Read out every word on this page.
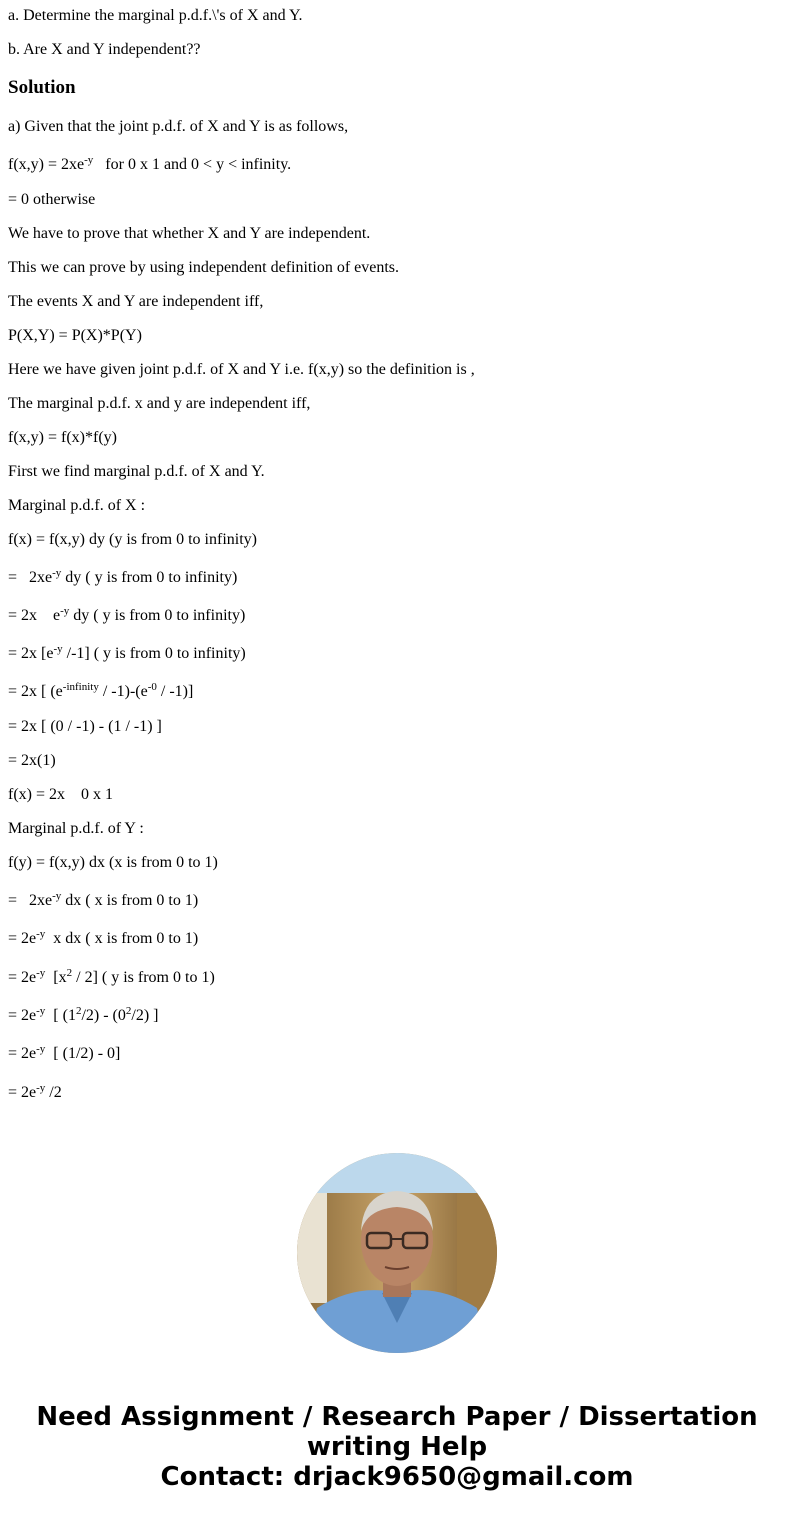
a. Determine the marginal p.d.f.\'s of X and Y.
b. Are X and Y independent??
Solution
a) Given that the joint p.d.f. of X and Y is as follows,
$f(x,y) = 2xe^{-y}$   for 0 x 1 and 0 < y < infinity.
= 0 otherwise
We have to prove that whether X and Y are independent.
This we can prove by using independent definition of events.
The events X and Y are independent iff,
P(X,Y) = P(X)*P(Y)
Here we have given joint p.d.f. of X and Y i.e. f(x,y) so the definition is ,
The marginal p.d.f. x and y are independent iff,
f(x,y) = f(x)*f(y)
First we find marginal p.d.f. of X and Y.
Marginal p.d.f. of X :
f(x) = f(x,y) dy (y is from 0 to infinity)
=   $2xe^{-y}$ dy ( y is from 0 to infinity)
= 2x    $e^{-y}$ dy ( y is from 0 to infinity)
= 2x [$e^{-y}$ /-1] ( y is from 0 to infinity)
= 2x [ $(e^{-infinity} / -1)-(e^{-0} / -1)$]
= 2x [ (0 / -1) - (1 / -1) ]
= 2x(1)
f(x) = 2x    0 x 1
Marginal p.d.f. of Y :
f(y) = f(x,y) dx (x is from 0 to 1)
=   $2xe^{-y}$ dx ( x is from 0 to 1)
= $2e^{-y}$  x dx ( x is from 0 to 1)
= $2e^{-y}$  $[x^2 / 2]$ ( y is from 0 to 1)
= $2e^{-y}$  [ $(1^2/2) - (0^2/2)$ ]
= $2e^{-y}$  [ (1/2) - 0]
= $2e^{-y}$ /2
Need Assignment / Research Paper / Dissertation
writing Help
Contact: drjack9650@gmail.com
